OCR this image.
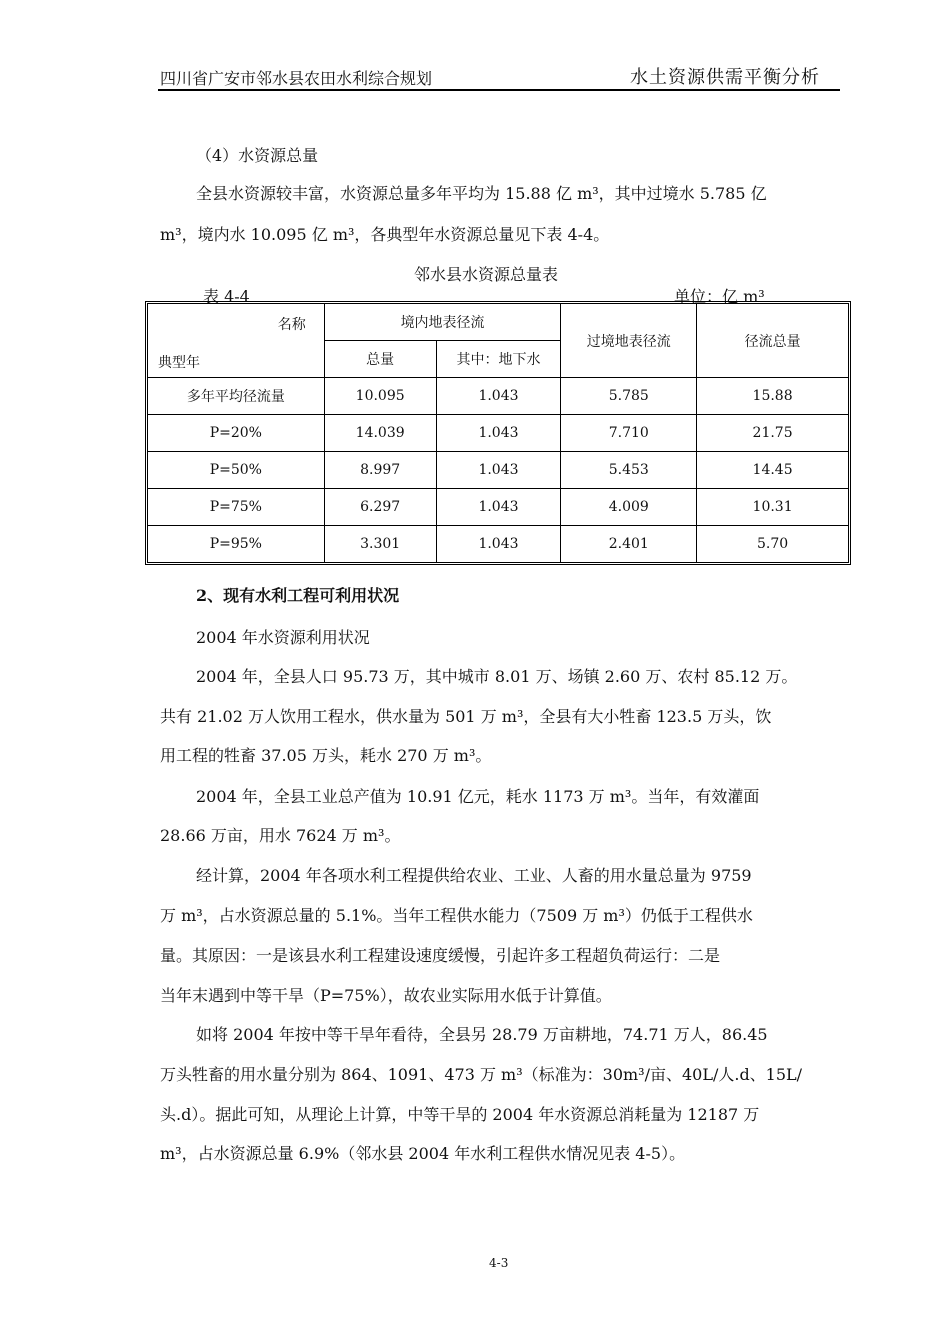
四川省广安市邻水县农田水利综合规划	水土资源供需平衡分析
（4）水资源总量
全县水资源较丰富，水资源总量多年平均为 15.88 亿 m³，其中过境水 5.785 亿
m³，境内水 10.095 亿 m³，各典型年水资源总量见下表 4-4。
邻水县水资源总量表
表 4-4	单位：亿 m³
名称
典型年	境内地表径流		过境地表径流	径流总量
	总量	其中：地下水		
多年平均径流量	10.095	1.043	5.785	15.88
P=20%	14.039	1.043	7.710	21.75
P=50%	8.997	1.043	5.453	14.45
P=75%	6.297	1.043	4.009	10.31
P=95%	3.301	1.043	2.401	5.70
2、现有水利工程可利用状况
2004 年水资源利用状况
2004 年，全县人口 95.73 万，其中城市 8.01 万、场镇 2.60 万、农村 85.12 万。
共有 21.02 万人饮用工程水，供水量为 501 万 m³，全县有大小牲畜 123.5 万头，饮
用工程的牲畜 37.05 万头，耗水 270 万 m³。
2004 年，全县工业总产值为 10.91 亿元，耗水 1173 万 m³。当年，有效灌面
28.66 万亩，用水 7624 万 m³。
经计算，2004 年各项水利工程提供给农业、工业、人畜的用水量总量为 9759
万 m³，占水资源总量的 5.1%。当年工程供水能力（7509 万 m³）仍低于工程供水
量。其原因：一是该县水利工程建设速度缓慢，引起许多工程超负荷运行：二是
当年末遇到中等干旱（P=75%），故农业实际用水低于计算值。
如将 2004 年按中等干旱年看待，全县另 28.79 万亩耕地，74.71 万人，86.45
万头牲畜的用水量分别为 864、1091、473 万 m³（标准为：30m³/亩、40L/人.d、15L/
头.d）。据此可知，从理论上计算，中等干旱的 2004 年水资源总消耗量为 12187 万
m³，占水资源总量 6.9%（邻水县 2004 年水利工程供水情况见表 4-5）。
4-3
